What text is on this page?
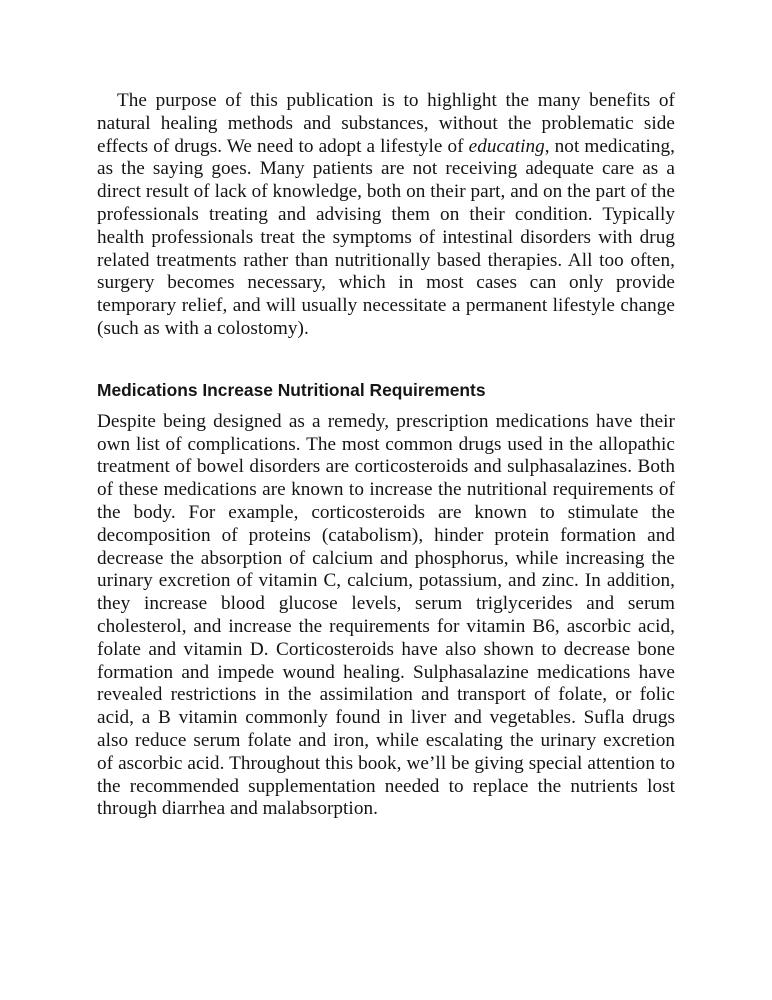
The purpose of this publication is to highlight the many benefits of natural healing methods and substances, without the problematic side effects of drugs. We need to adopt a lifestyle of educating, not medicating, as the saying goes. Many patients are not receiving adequate care as a direct result of lack of knowledge, both on their part, and on the part of the professionals treating and advising them on their condition. Typically health professionals treat the symptoms of intestinal disorders with drug related treatments rather than nutritionally based therapies. All too often, surgery becomes necessary, which in most cases can only provide temporary relief, and will usually necessitate a permanent lifestyle change (such as with a colostomy).

Medications Increase Nutritional Requirements

Despite being designed as a remedy, prescription medications have their own list of complications. The most common drugs used in the allopathic treatment of bowel disorders are corticosteroids and sulphasalazines. Both of these medications are known to increase the nutritional requirements of the body. For example, corticosteroids are known to stimulate the decomposition of proteins (catabolism), hinder protein formation and decrease the absorption of calcium and phosphorus, while increasing the urinary excretion of vitamin C, calcium, potassium, and zinc. In addition, they increase blood glucose levels, serum triglycerides and serum cholesterol, and increase the requirements for vitamin B6, ascorbic acid, folate and vitamin D. Corticosteroids have also shown to decrease bone formation and impede wound healing. Sulphasalazine medications have revealed restrictions in the assimilation and transport of folate, or folic acid, a B vitamin commonly found in liver and vegetables. Sufla drugs also reduce serum folate and iron, while escalating the urinary excretion of ascorbic acid. Throughout this book, we’ll be giving special attention to the recommended supplementation needed to replace the nutrients lost through diarrhea and malabsorption.
